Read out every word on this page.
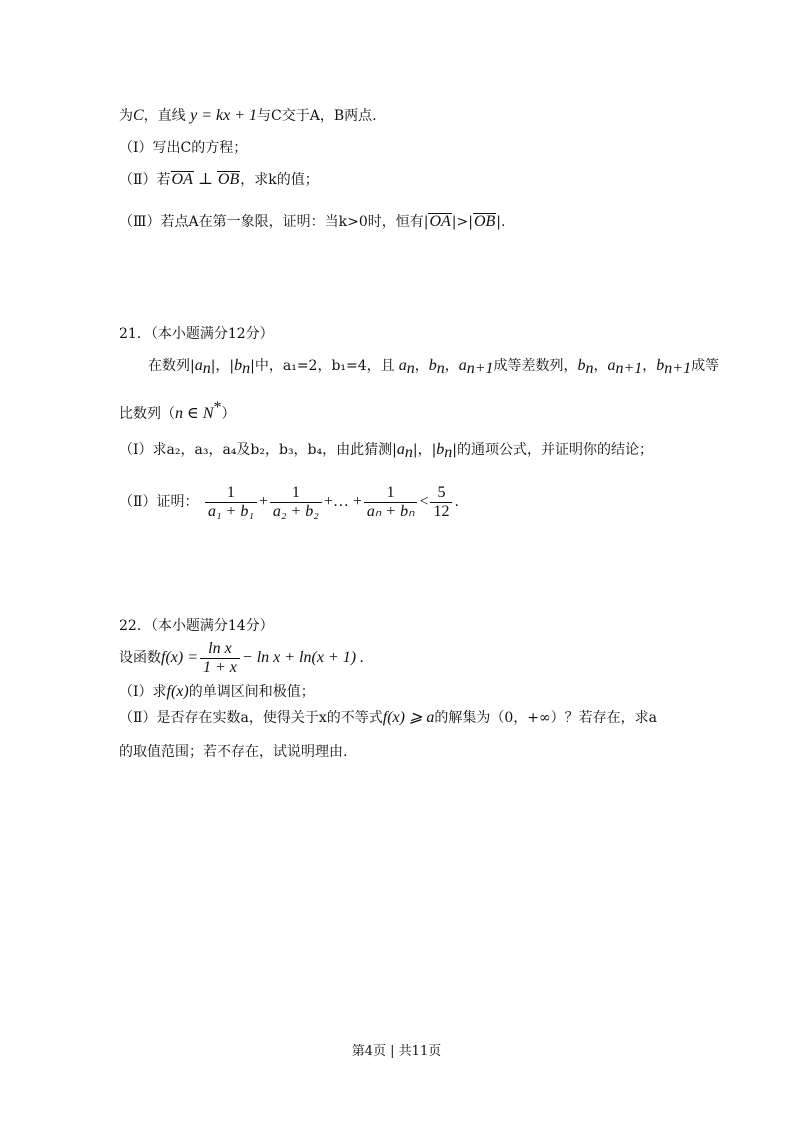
为C，直线 y = kx + 1与C交于A，B两点.
（Ⅰ）写出C的方程；
（Ⅱ）若OA ⊥ OB，求k的值；
（Ⅲ）若点A在第一象限，证明：当k>0时，恒有|OA|>|OB|.
21．（本小题满分12分）
在数列$|a_n|$，$|b_n|$中，a₁=2，b₁=4，且 $a_n$，$b_n$，$a_{n+1}$成等差数列，$b_n$，$a_{n+1}$，$b_{n+1}$成等
比数列（n ∈ N*）
（Ⅰ）求a₂，a₃，a₄及b₂，b₃，b₄，由此猜测$|a_n|$，$|b_n|$的通项公式，并证明你的结论；
（Ⅱ）证明： $\frac{1}{\text{a₁ + b₁}} + \frac{1}{\text{a₂ + b₂}}$ +… + $\frac{1}{\text{aₙ + bₙ}} < \frac{5}{12}$ .
22．（本小题满分14分）
设函数$f(x) = \frac{\text{ln x}}{1 + x} - \ln x + \ln(x + 1)$ .
（Ⅰ）求f(x)的单调区间和极值；
（Ⅱ）是否存在实数a，使得关于x的不等式f(x) ⩾ a的解集为（0，+∞）？若存在，求a
的取值范围；若不存在，试说明理由.
第4页 | 共11页
